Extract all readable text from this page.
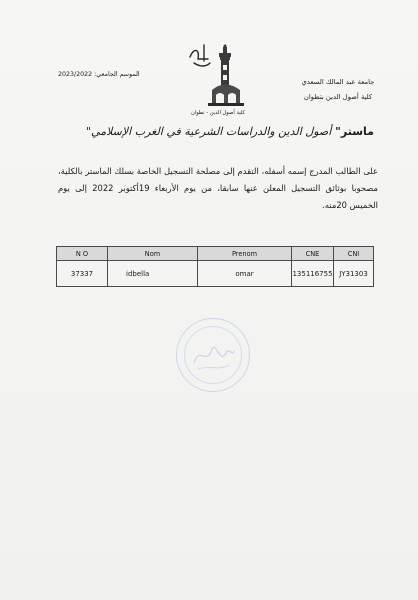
جامعة عبد المالك السعدي
كلية أصول الدين بتطوان
الموسم الجامعي: 2023/2022
كلية أصول الدين - تطوان
ماستر" أصول الدين والدراسات الشرعية في الغرب الإسلامي"
على الطالب المدرج إسمه أسفله، التقدم إلى مصلحة التسجيل الخاصة بسلك الماستر بالكلية، مصحوبا بوثائق التسجيل المعلن عنها سابقا، من يوم الأربعاء 19أكتوبر 2022 إلى يوم الخميس 20منه.
N O	Nom	Prenom	CNE	CNI
37337	idbella	omar	135116755	JY31303
